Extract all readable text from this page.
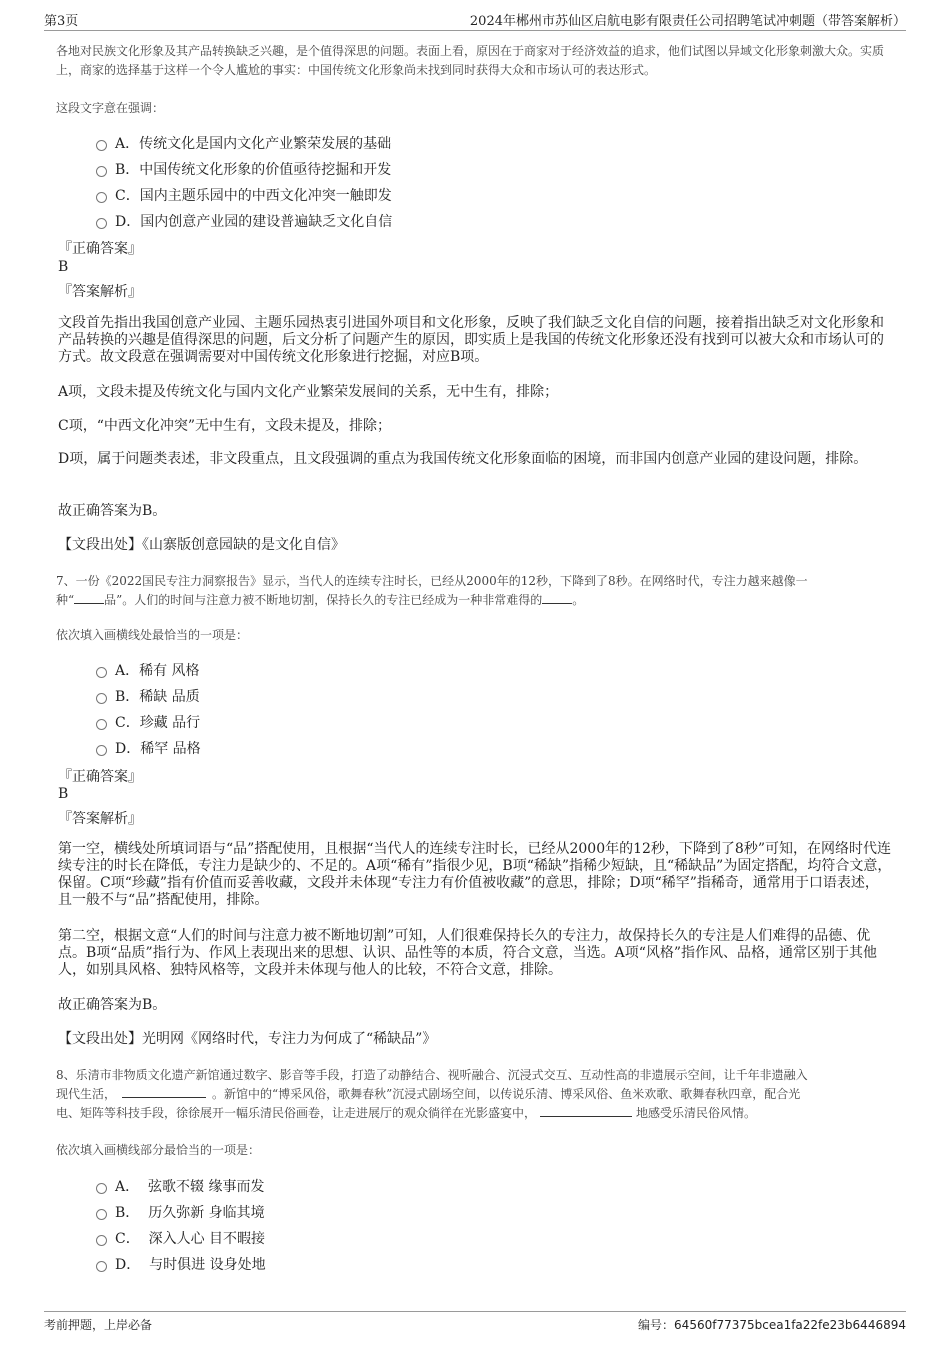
第3页	2024年郴州市苏仙区启航电影有限责任公司招聘笔试冲刺题（带答案解析）

各地对民族文化形象及其产品转换缺乏兴趣，是个值得深思的问题。表面上看，原因在于商家对于经济效益的追求，他们试图以异域文化形象刺激大众。实质上，商家的选择基于这样一个令人尴尬的事实：中国传统文化形象尚未找到同时获得大众和市场认可的表达形式。

这段文字意在强调：

A．传统文化是国内文化产业繁荣发展的基础
B．中国传统文化形象的价值亟待挖掘和开发
C．国内主题乐园中的中西文化冲突一触即发
D．国内创意产业园的建设普遍缺乏文化自信
『正确答案』
B
『答案解析』

文段首先指出我国创意产业园、主题乐园热衷引进国外项目和文化形象，反映了我们缺乏文化自信的问题，接着指出缺乏对文化形象和产品转换的兴趣是值得深思的问题，后文分析了问题产生的原因，即实质上是我国的传统文化形象还没有找到可以被大众和市场认可的方式。故文段意在强调需要对中国传统文化形象进行挖掘，对应B项。

A项，文段未提及传统文化与国内文化产业繁荣发展间的关系，无中生有，排除；

C项，“中西文化冲突”无中生有，文段未提及，排除；

D项，属于问题类表述，非文段重点，且文段强调的重点为我国传统文化形象面临的困境，而非国内创意产业园的建设问题，排除。

故正确答案为B。

【文段出处】《山寨版创意园缺的是文化自信》

7、一份《2022国民专注力洞察报告》显示，当代人的连续专注时长，已经从2000年的12秒，下降到了8秒。在网络时代，专注力越来越像一
种“	品”。人们的时间与注意力被不断地切割，保持长久的专注已经成为一种非常难得的	。

依次填入画横线处最恰当的一项是：

A．稀有 风格
B．稀缺 品质
C．珍藏 品行
D．稀罕 品格
『正确答案』
B
『答案解析』

第一空，横线处所填词语与“品”搭配使用，且根据“当代人的连续专注时长，已经从2000年的12秒，下降到了8秒”可知，在网络时代连续专注的时长在降低，专注力是缺少的、不足的。A项“稀有”指很少见，B项“稀缺”指稀少短缺，且“稀缺品”为固定搭配，均符合文意，保留。C项“珍藏”指有价值而妥善收藏，文段并未体现“专注力有价值被收藏”的意思，排除；D项“稀罕”指稀奇，通常用于口语表述，且一般不与“品”搭配使用，排除。

第二空，根据文意“人们的时间与注意力被不断地切割”可知，人们很难保持长久的专注力，故保持长久的专注是人们难得的品德、优点。B项“品质”指行为、作风上表现出来的思想、认识、品性等的本质，符合文意，当选。A项“风格”指作风、品格，通常区别于其他人，如别具风格、独特风格等，文段并未体现与他人的比较，不符合文意，排除。

故正确答案为B。

【文段出处】光明网《网络时代，专注力为何成了“稀缺品”》

8、乐清市非物质文化遗产新馆通过数字、影音等手段，打造了动静结合、视听融合、沉浸式交互、互动性高的非遗展示空间，让千年非遗融入
现代生活，	。新馆中的“博采风俗，歌舞春秋”沉浸式剧场空间，以传说乐清、博采风俗、鱼米欢歌、歌舞春秋四章，配合光
电、矩阵等科技手段，徐徐展开一幅乐清民俗画卷，让走进展厅的观众徜徉在光影盛宴中，	地感受乐清民俗风情。

依次填入画横线部分最恰当的一项是：

A．  弦歌不辍 缘事而发
B．  历久弥新 身临其境
C．  深入人心 目不暇接
D．  与时俱进 设身处地
考前押题，上岸必备	编号：64560f77375bcea1fa22fe23b6446894
